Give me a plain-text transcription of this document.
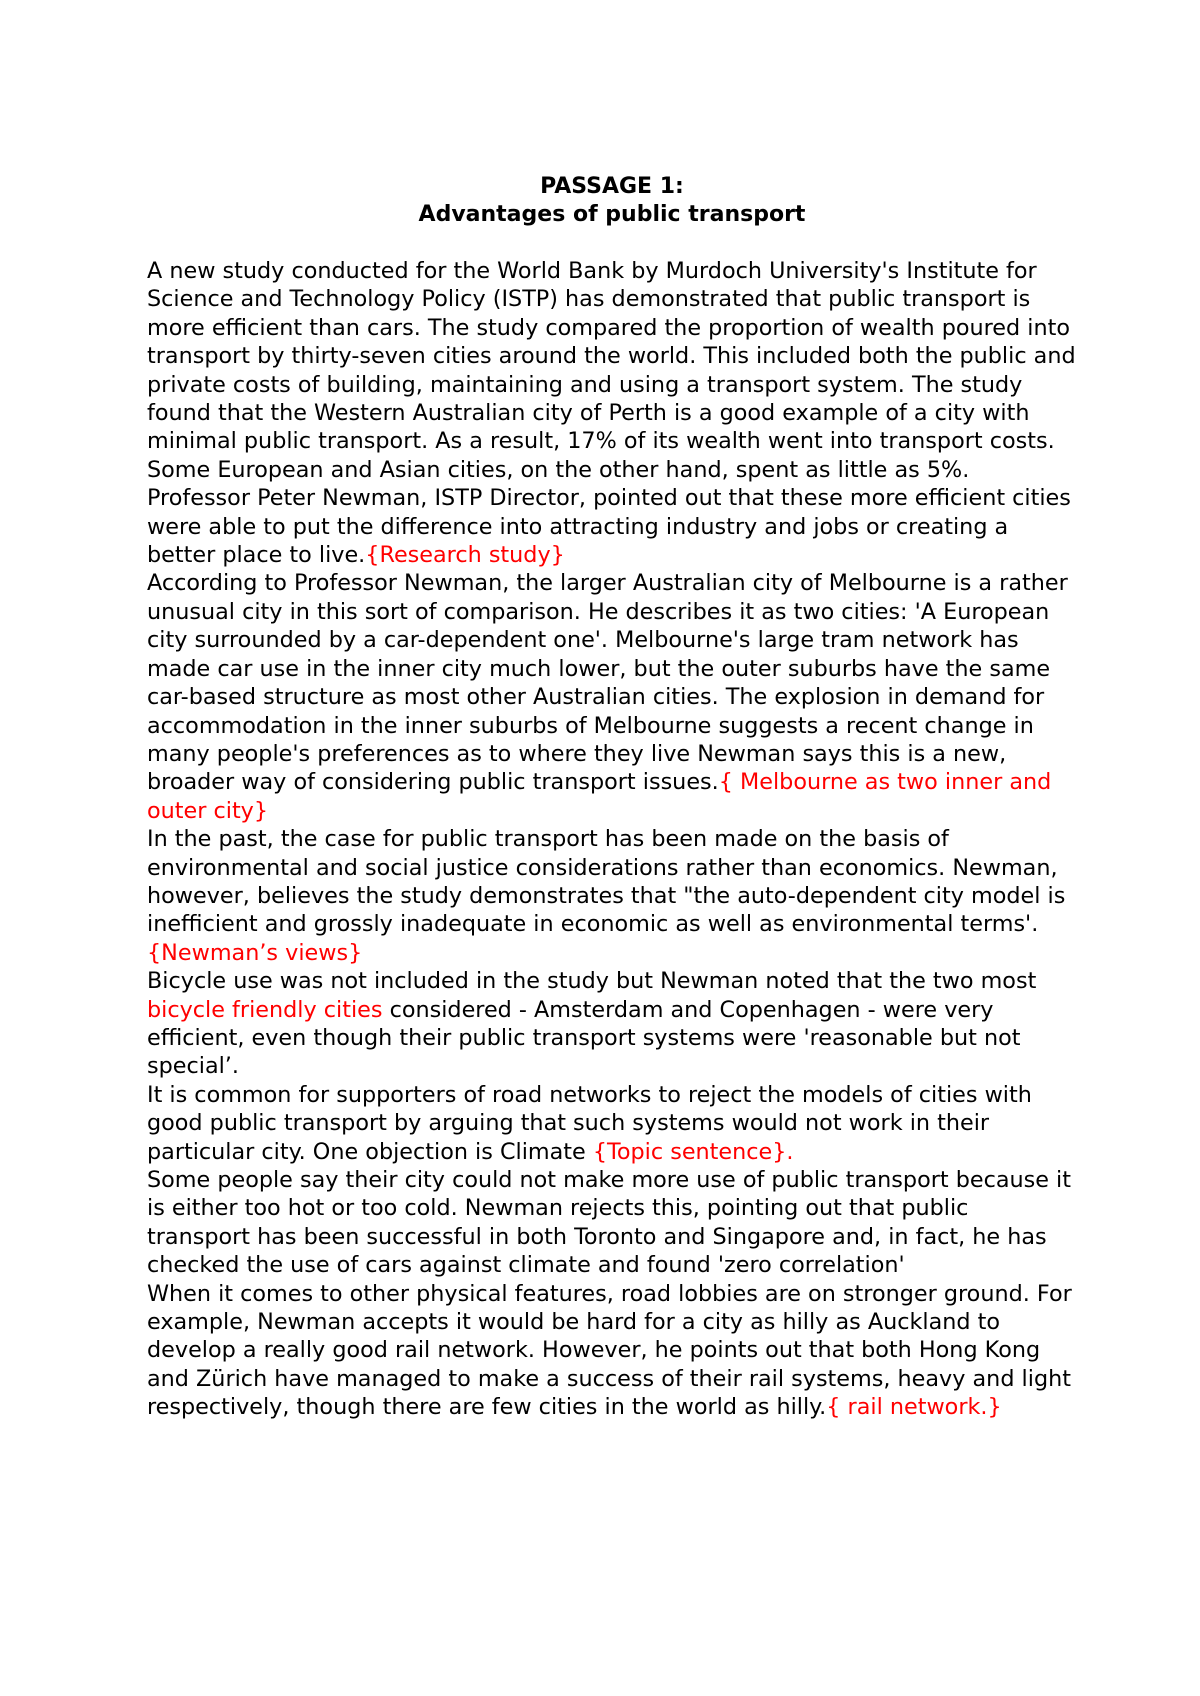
PASSAGE 1:

Advantages of public transport

A new study conducted for the World Bank by Murdoch University's Institute for Science and Technology Policy (ISTP) has demonstrated that public transport is more efficient than cars. The study compared the proportion of wealth poured into transport by thirty-seven cities around the world. This included both the public and private costs of building, maintaining and using a transport system. The study found that the Western Australian city of Perth is a good example of a city with minimal public transport. As a result, 17% of its wealth went into transport costs. Some European and Asian cities, on the other hand, spent as little as 5%. Professor Peter Newman, ISTP Director, pointed out that these more efficient cities were able to put the difference into attracting industry and jobs or creating a better place to live.{Research study}

According to Professor Newman, the larger Australian city of Melbourne is a rather unusual city in this sort of comparison. He describes it as two cities: 'A European city surrounded by a car-dependent one'. Melbourne's large tram network has made car use in the inner city much lower, but the outer suburbs have the same car-based structure as most other Australian cities. The explosion in demand for accommodation in the inner suburbs of Melbourne suggests a recent change in many people's preferences as to where they live Newman says this is a new, broader way of considering public transport issues.{ Melbourne as two inner and outer city}

In the past, the case for public transport has been made on the basis of environmental and social justice considerations rather than economics. Newman, however, believes the study demonstrates that "the auto-dependent city model is inefficient and grossly inadequate in economic as well as environmental terms'.{Newman’s views}

Bicycle use was not included in the study but Newman noted that the two most bicycle friendly cities considered - Amsterdam and Copenhagen - were very efficient, even though their public transport systems were 'reasonable but not special’.

It is common for supporters of road networks to reject the models of cities with good public transport by arguing that such systems would not work in their particular city. One objection is Climate {Topic sentence}.

Some people say their city could not make more use of public transport because it is either too hot or too cold. Newman rejects this, pointing out that public transport has been successful in both Toronto and Singapore and, in fact, he has checked the use of cars against climate and found 'zero correlation'

When it comes to other physical features, road lobbies are on stronger ground. For example, Newman accepts it would be hard for a city as hilly as Auckland to develop a really good rail network. However, he points out that both Hong Kong and Zürich have managed to make a success of their rail systems, heavy and light respectively, though there are few cities in the world as hilly.{ rail network.}
